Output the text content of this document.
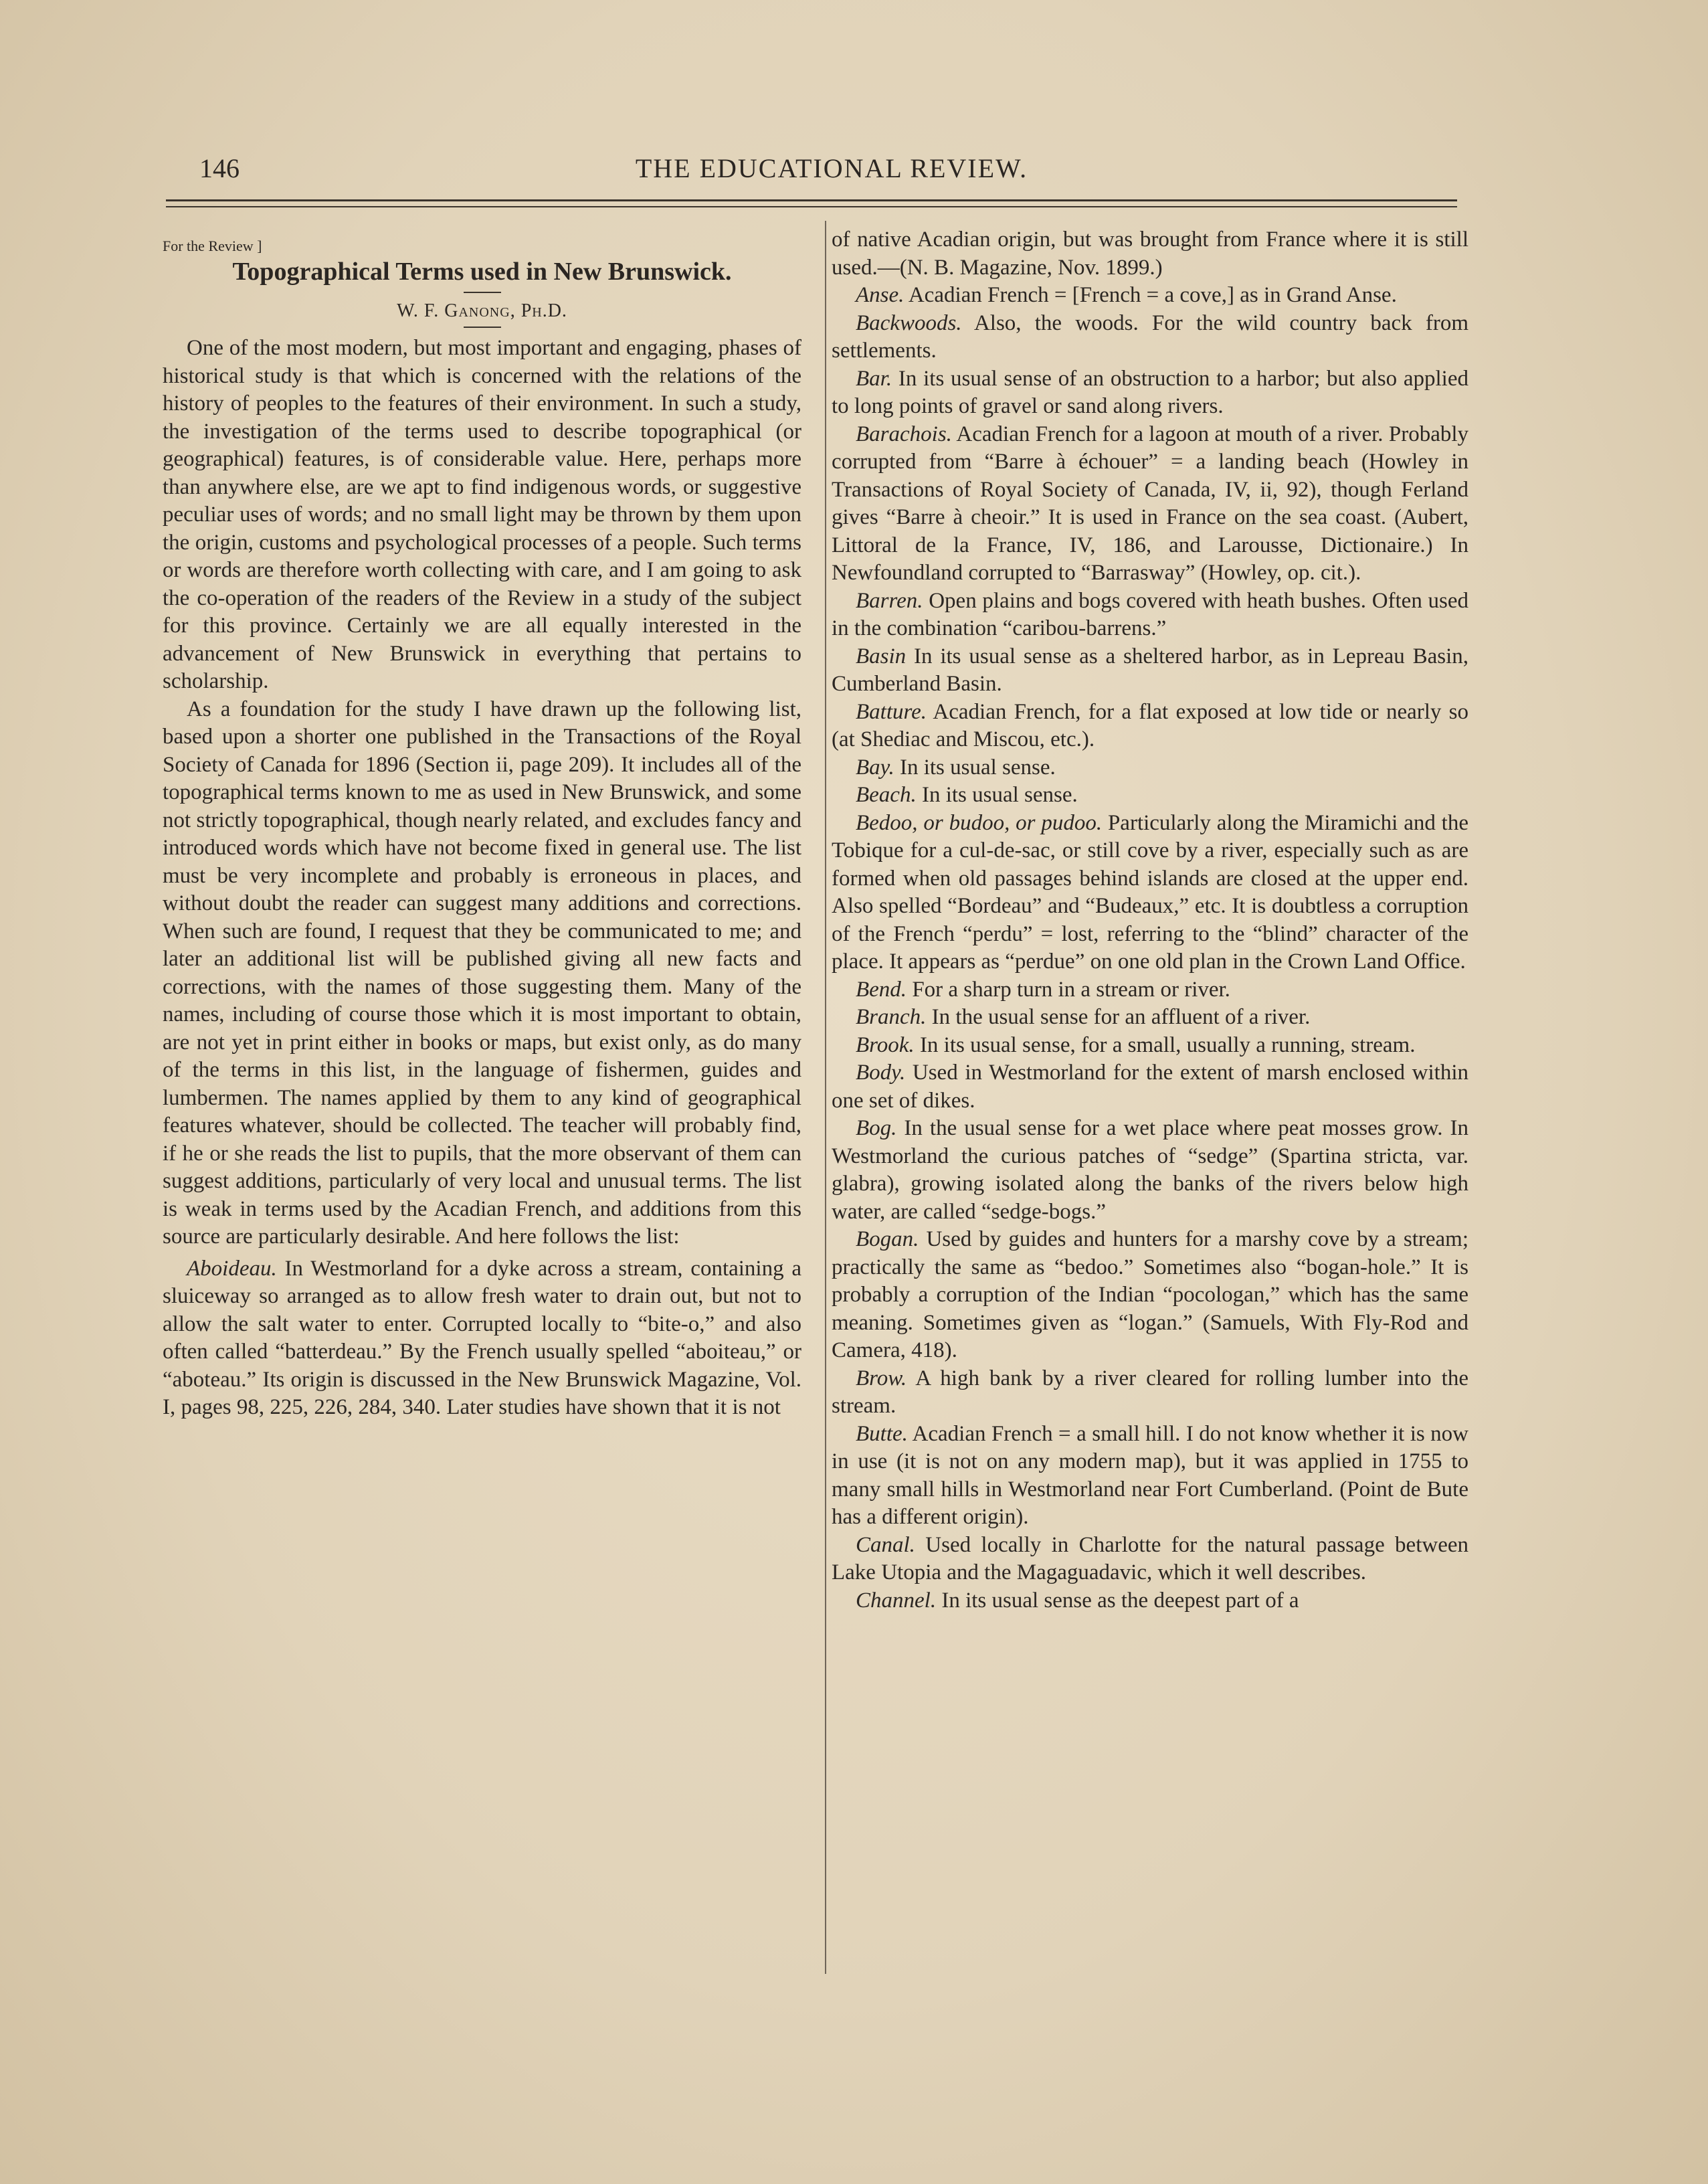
146	THE EDUCATIONAL REVIEW.

For the Review ]

Topographical Terms used in New Brunswick.

W. F. Ganong, Ph.D.

One of the most modern, but most important and engaging, phases of historical study is that which is concerned with the relations of the history of peoples to the features of their environment. In such a study, the investigation of the terms used to describe topographical (or geographical) features, is of considerable value. Here, perhaps more than anywhere else, are we apt to find indigenous words, or suggestive peculiar uses of words; and no small light may be thrown by them upon the origin, customs and psychological processes of a people. Such terms or words are therefore worth collecting with care, and I am going to ask the co-operation of the readers of the Review in a study of the subject for this province. Certainly we are all equally interested in the advancement of New Brunswick in everything that pertains to scholarship.

As a foundation for the study I have drawn up the following list, based upon a shorter one published in the Transactions of the Royal Society of Canada for 1896 (Section ii, page 209). It includes all of the topographical terms known to me as used in New Brunswick, and some not strictly topographical, though nearly related, and excludes fancy and introduced words which have not become fixed in general use. The list must be very incomplete and probably is erroneous in places, and without doubt the reader can suggest many additions and corrections. When such are found, I request that they be communicated to me; and later an additional list will be published giving all new facts and corrections, with the names of those suggesting them. Many of the names, including of course those which it is most important to obtain, are not yet in print either in books or maps, but exist only, as do many of the terms in this list, in the language of fishermen, guides and lumbermen. The names applied by them to any kind of geographical features whatever, should be collected. The teacher will probably find, if he or she reads the list to pupils, that the more observant of them can suggest additions, particularly of very local and unusual terms. The list is weak in terms used by the Acadian French, and additions from this source are particularly desirable. And here follows the list:

Aboideau. In Westmorland for a dyke across a stream, containing a sluiceway so arranged as to allow fresh water to drain out, but not to allow the salt water to enter. Corrupted locally to “bite-o,” and also often called “batterdeau.” By the French usually spelled “aboiteau,” or “aboteau.” Its origin is discussed in the New Brunswick Magazine, Vol. I, pages 98, 225, 226, 284, 340. Later studies have shown that it is not

of native Acadian origin, but was brought from France where it is still used.—(N. B. Magazine, Nov. 1899.)

Anse. Acadian French = [French = a cove,] as in Grand Anse.

Backwoods. Also, the woods. For the wild country back from settlements.

Bar. In its usual sense of an obstruction to a harbor; but also applied to long points of gravel or sand along rivers.

Barachois. Acadian French for a lagoon at mouth of a river. Probably corrupted from “Barre à échouer” = a landing beach (Howley in Transactions of Royal Society of Canada, IV, ii, 92), though Ferland gives “Barre à cheoir.” It is used in France on the sea coast. (Aubert, Littoral de la France, IV, 186, and Larousse, Dictionaire.) In Newfoundland corrupted to “Barrasway” (Howley, op. cit.).

Barren. Open plains and bogs covered with heath bushes. Often used in the combination “caribou-barrens.”

Basin In its usual sense as a sheltered harbor, as in Lepreau Basin, Cumberland Basin.

Batture. Acadian French, for a flat exposed at low tide or nearly so (at Shediac and Miscou, etc.).

Bay. In its usual sense.

Beach. In its usual sense.

Bedoo, or budoo, or pudoo. Particularly along the Miramichi and the Tobique for a cul-de-sac, or still cove by a river, especially such as are formed when old passages behind islands are closed at the upper end. Also spelled “Bordeau” and “Budeaux,” etc. It is doubtless a corruption of the French “perdu” = lost, referring to the “blind” character of the place. It appears as “perdue” on one old plan in the Crown Land Office.

Bend. For a sharp turn in a stream or river.

Branch. In the usual sense for an affluent of a river.

Brook. In its usual sense, for a small, usually a running, stream.

Body. Used in Westmorland for the extent of marsh enclosed within one set of dikes.

Bog. In the usual sense for a wet place where peat mosses grow. In Westmorland the curious patches of “sedge” (Spartina stricta, var. glabra), growing isolated along the banks of the rivers below high water, are called “sedge-bogs.”

Bogan. Used by guides and hunters for a marshy cove by a stream; practically the same as “bedoo.” Sometimes also “bogan-hole.” It is probably a corruption of the Indian “pocologan,” which has the same meaning. Sometimes given as “logan.” (Samuels, With Fly-Rod and Camera, 418).

Brow. A high bank by a river cleared for rolling lumber into the stream.

Butte. Acadian French = a small hill. I do not know whether it is now in use (it is not on any modern map), but it was applied in 1755 to many small hills in Westmorland near Fort Cumberland. (Point de Bute has a different origin).

Canal. Used locally in Charlotte for the natural passage between Lake Utopia and the Magaguadavic, which it well describes.

Channel. In its usual sense as the deepest part of a
